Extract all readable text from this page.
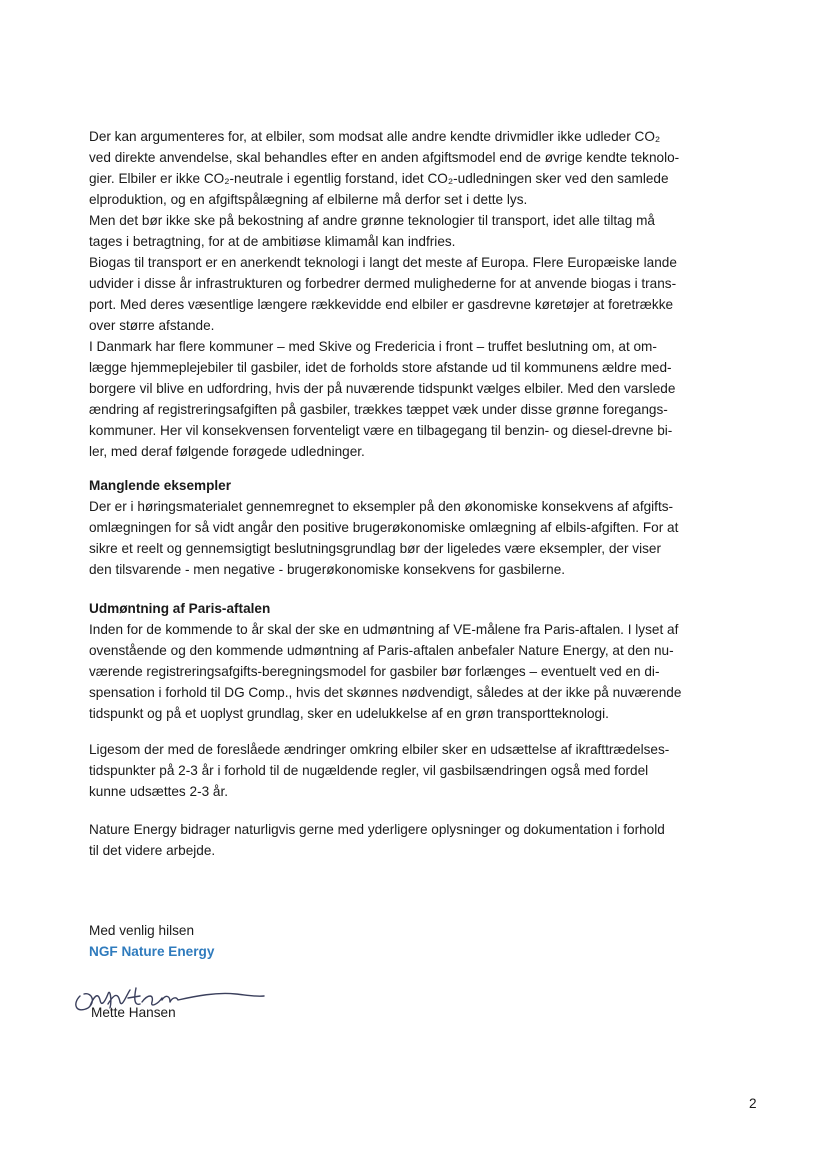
Der kan argumenteres for, at elbiler, som modsat alle andre kendte drivmidler ikke udleder CO₂
ved direkte anvendelse, skal behandles efter en anden afgiftsmodel end de øvrige kendte teknolo-
gier. Elbiler er ikke CO₂-neutrale i egentlig forstand, idet CO₂-udledningen sker ved den samlede
elproduktion, og en afgiftspålægning af elbilerne må derfor set i dette lys.
Men det bør ikke ske på bekostning af andre grønne teknologier til transport, idet alle tiltag må
tages i betragtning, for at de ambitiøse klimamål kan indfries.
Biogas til transport er en anerkendt teknologi i langt det meste af Europa. Flere Europæiske lande
udvider i disse år infrastrukturen og forbedrer dermed mulighederne for at anvende biogas i trans-
port. Med deres væsentlige længere rækkevidde end elbiler er gasdrevne køretøjer at foretrække
over større afstande.
I Danmark har flere kommuner – med Skive og Fredericia i front – truffet beslutning om, at om-
lægge hjemmeplejebiler til gasbiler, idet de forholds store afstande ud til kommunens ældre med-
borgere vil blive en udfordring, hvis der på nuværende tidspunkt vælges elbiler. Med den varslede
ændring af registreringsafgiften på gasbiler, trækkes tæppet væk under disse grønne foregangs-
kommuner. Her vil konsekvensen forventeligt være en tilbagegang til benzin- og diesel-drevne bi-
ler, med deraf følgende forøgede udledninger.
Manglende eksempler
Der er i høringsmaterialet gennemregnet to eksempler på den økonomiske konsekvens af afgifts-
omlægningen for så vidt angår den positive brugerøkonomiske omlægning af elbils-afgiften. For at
sikre et reelt og gennemsigtigt beslutningsgrundlag bør der ligeledes være eksempler, der viser
den tilsvarende - men negative - brugerøkonomiske konsekvens for gasbilerne.
Udmøntning af Paris-aftalen
Inden for de kommende to år skal der ske en udmøntning af VE-målene fra Paris-aftalen. I lyset af
ovenstående og den kommende udmøntning af Paris-aftalen anbefaler Nature Energy, at den nu-
værende registreringsafgifts-beregningsmodel for gasbiler bør forlænges – eventuelt ved en di-
spensation i forhold til DG Comp., hvis det skønnes nødvendigt, således at der ikke på nuværende
tidspunkt og på et uoplyst grundlag, sker en udelukkelse af en grøn transportteknologi.
Ligesom der med de foreslåede ændringer omkring elbiler sker en udsættelse af ikrafttrædelses-
tidspunkter på 2-3 år i forhold til de nugældende regler, vil gasbilsændringen også med fordel
kunne udsættes 2-3 år.
Nature Energy bidrager naturligvis gerne med yderligere oplysninger og dokumentation i forhold
til det videre arbejde.
Med venlig hilsen
NGF Nature Energy
Mette Hansen
2
